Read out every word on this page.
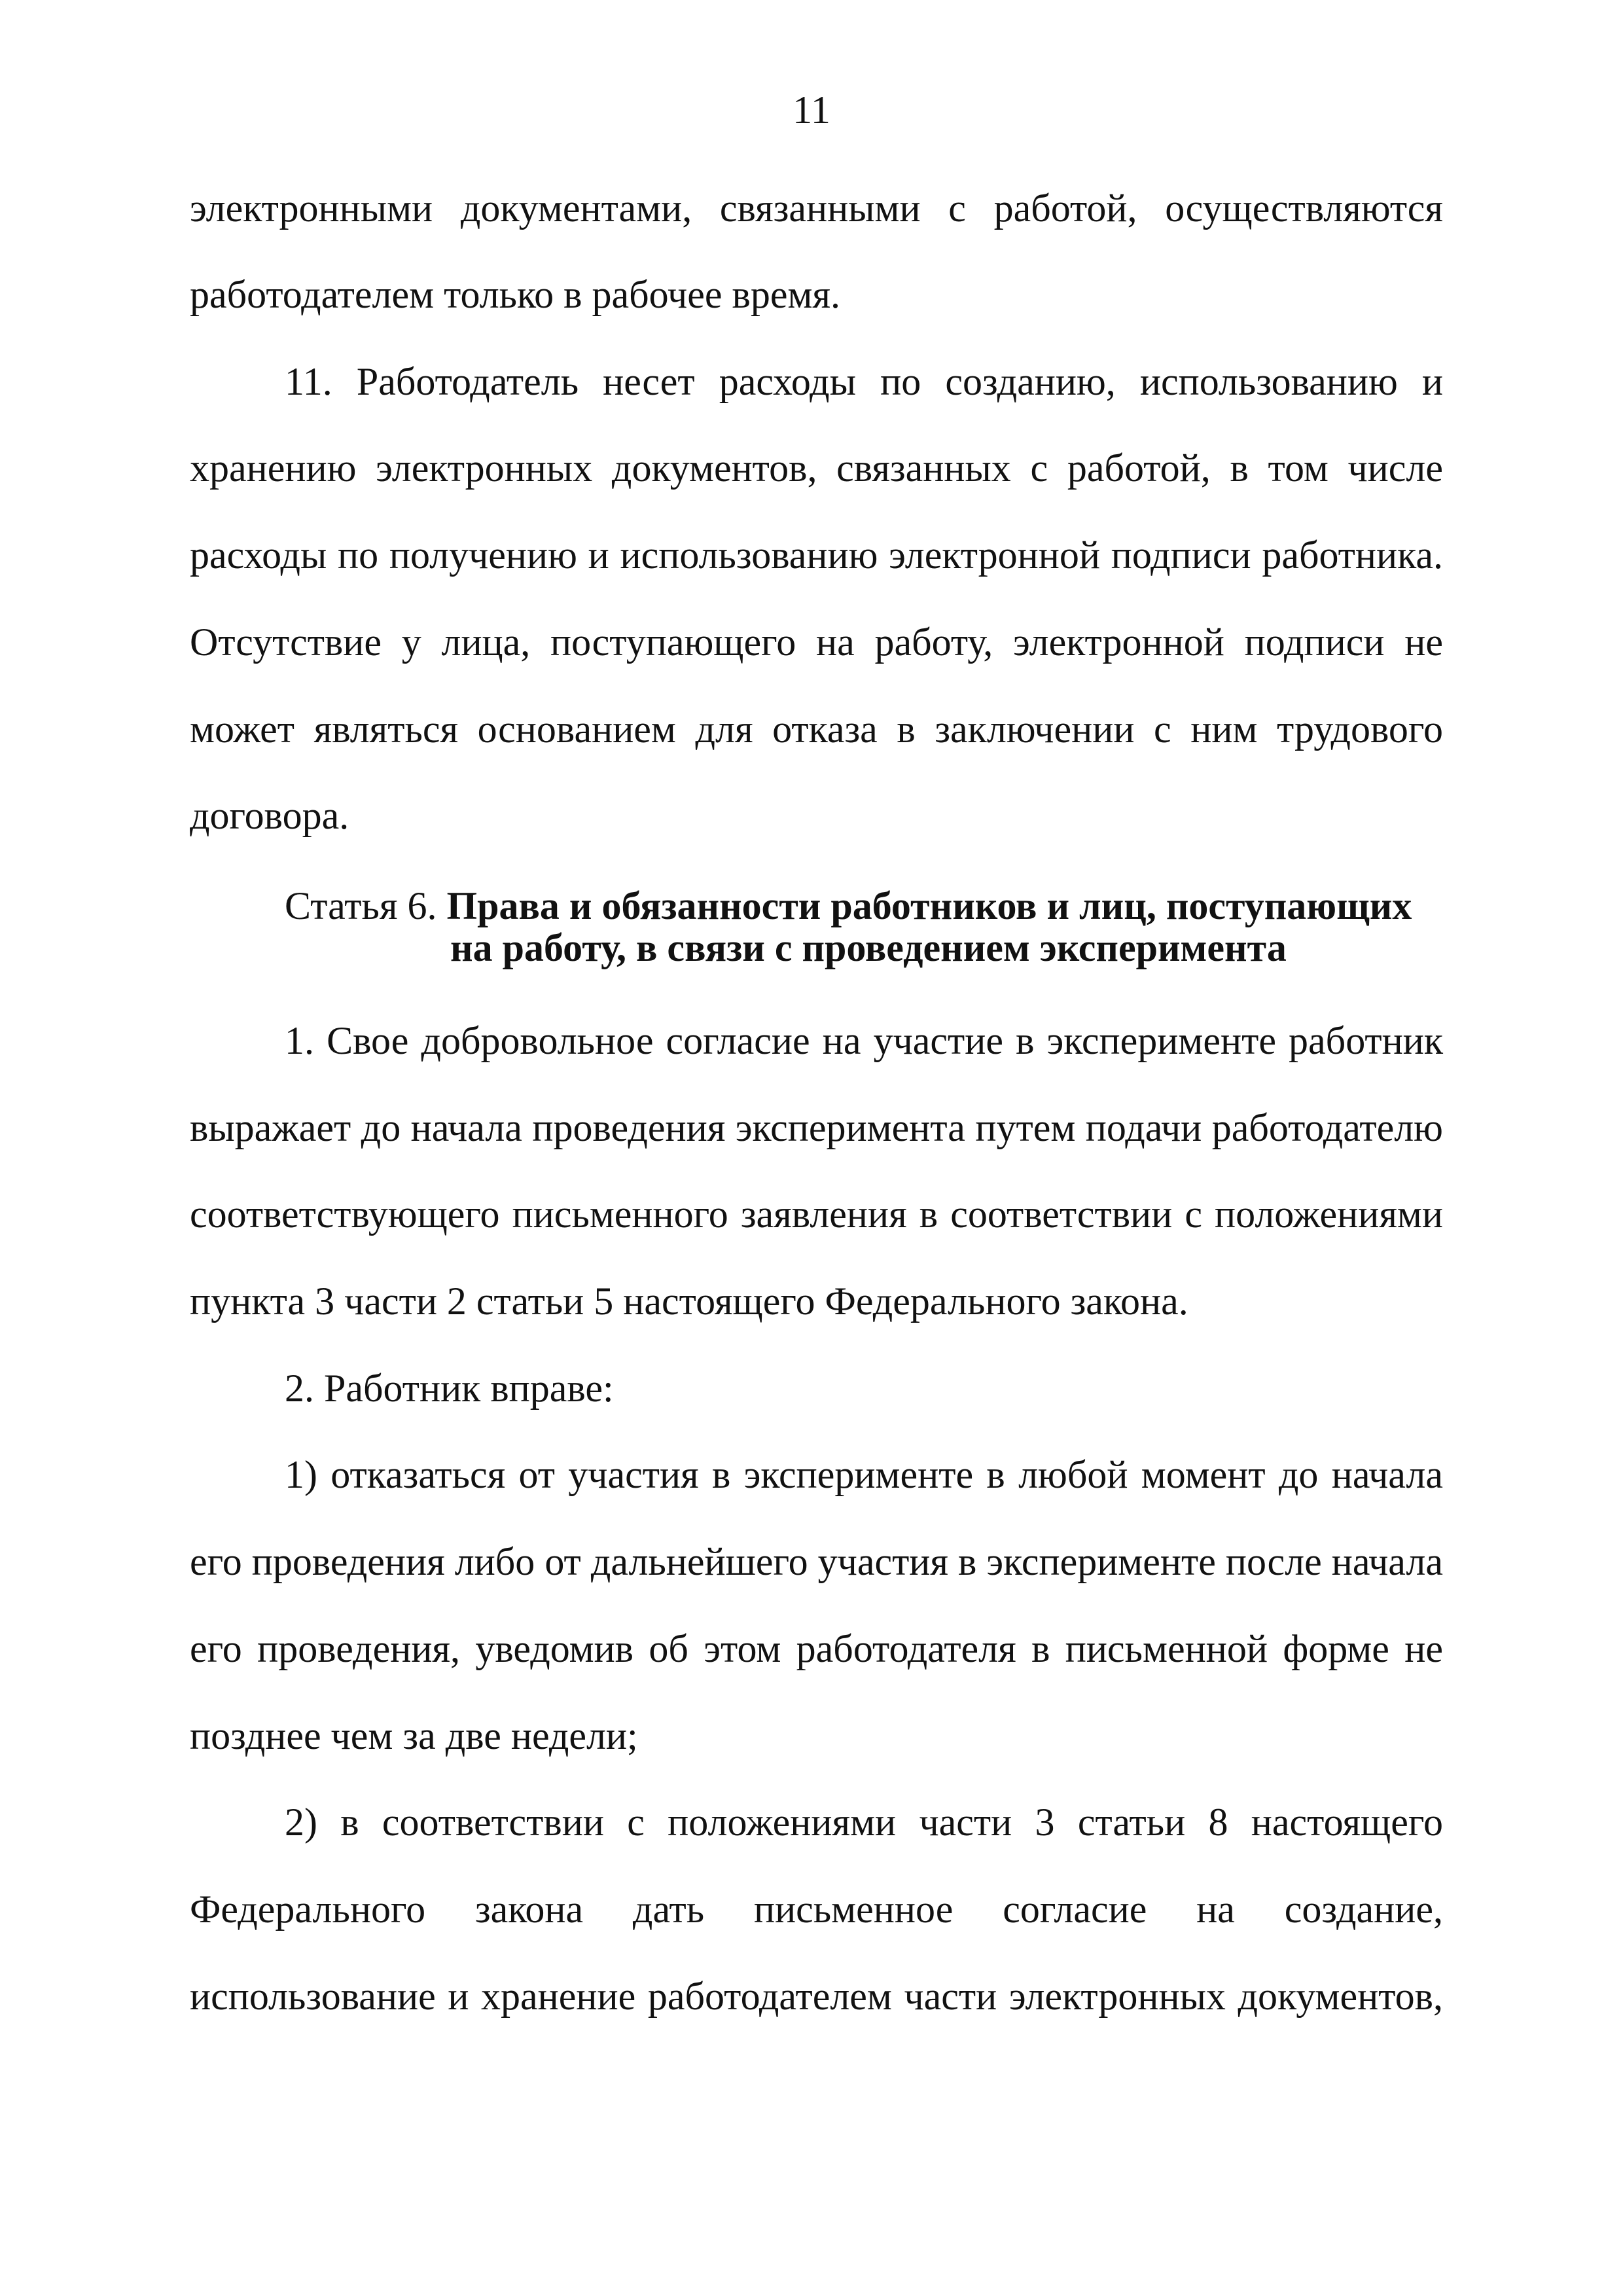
11
электронными документами, связанными с работой, осуществляются
работодателем только в рабочее время.
11. Работодатель несет расходы по созданию, использованию и
хранению электронных документов, связанных с работой, в том числе
расходы по получению и использованию электронной подписи работника.
Отсутствие у лица, поступающего на работу, электронной подписи не
может являться основанием для отказа в заключении с ним трудового
договора.
Статья 6. Права и обязанности работников и лиц, поступающих
на работу, в связи с проведением эксперимента
1. Свое добровольное согласие на участие в эксперименте работник
выражает до начала проведения эксперимента путем подачи работодателю
соответствующего письменного заявления в соответствии с положениями
пункта 3 части 2 статьи 5 настоящего Федерального закона.
2. Работник вправе:
1) отказаться от участия в эксперименте в любой момент до начала
его проведения либо от дальнейшего участия в эксперименте после начала
его проведения, уведомив об этом работодателя в письменной форме не
позднее чем за две недели;
2) в соответствии с положениями части 3 статьи 8 настоящего
Федерального закона дать письменное согласие на создание,
использование и хранение работодателем части электронных документов,
